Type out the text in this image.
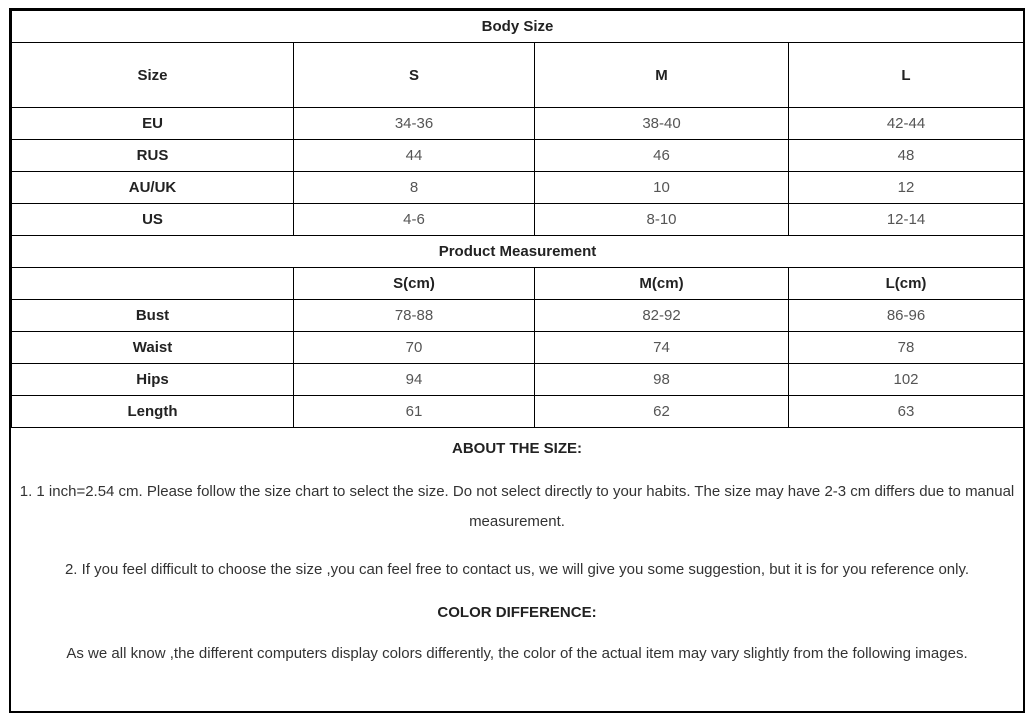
Body Size			
Size	S	M	L
EU	34-36	38-40	42-44
RUS	44	46	48
AU/UK	8	10	12
US	4-6	8-10	12-14
Product Measurement			
	S(cm)	M(cm)	L(cm)
Bust	78-88	82-92	86-96
Waist	70	74	78
Hips	94	98	102
Length	61	62	63
ABOUT THE SIZE:

1. 1 inch=2.54 cm. Please follow the size chart to select the size. Do not select directly to your habits. The size may have 2-3 cm differs due to manual measurement.

2. If you feel difficult to choose the size ,you can feel free to contact us, we will give you some suggestion, but it is for you reference only.

COLOR DIFFERENCE:

As we all know ,the different computers display colors differently, the color of the actual item may vary slightly from the following images.
